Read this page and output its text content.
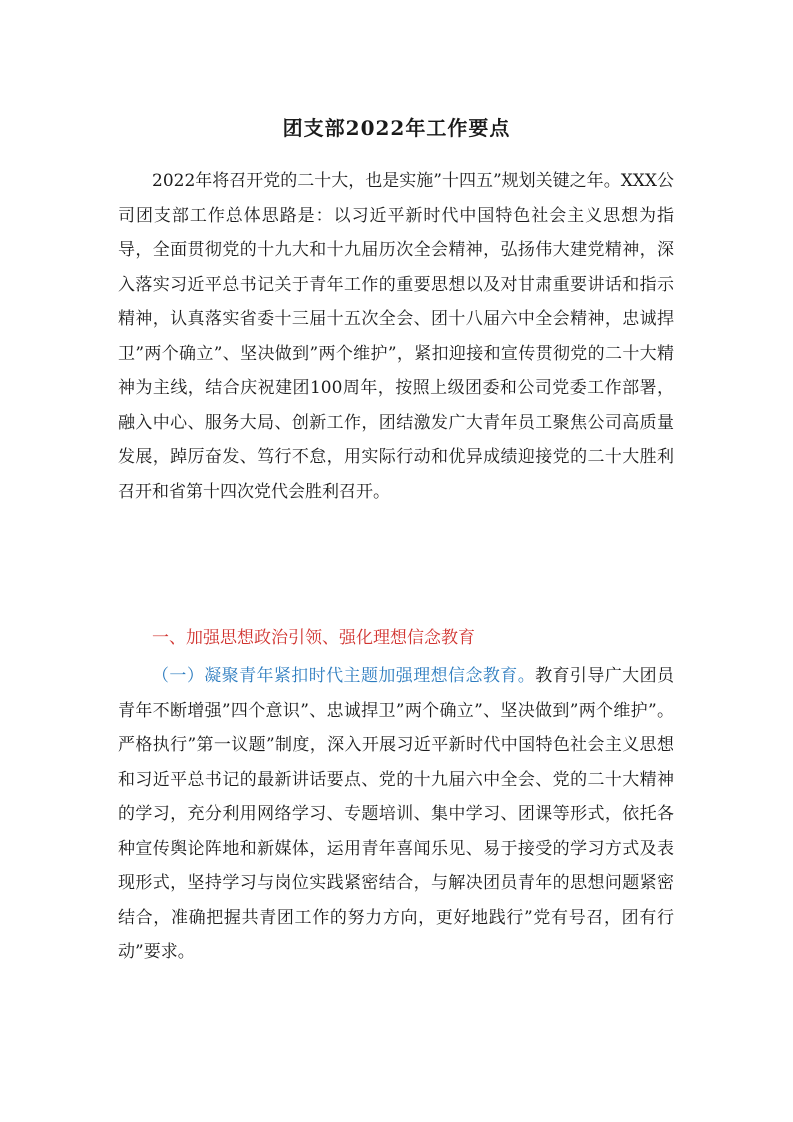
团支部2022年工作要点

2022年将召开党的二十大，也是实施”十四五”规划关键之年。XXX公司团支部工作总体思路是：以习近平新时代中国特色社会主义思想为指导，全面贯彻党的十九大和十九届历次全会精神，弘扬伟大建党精神，深入落实习近平总书记关于青年工作的重要思想以及对甘肃重要讲话和指示精神，认真落实省委十三届十五次全会、团十八届六中全会精神，忠诚捍卫”两个确立”、坚决做到”两个维护”，紧扣迎接和宣传贯彻党的二十大精神为主线，结合庆祝建团100周年，按照上级团委和公司党委工作部署，融入中心、服务大局、创新工作，团结激发广大青年员工聚焦公司高质量发展，踔厉奋发、笃行不怠，用实际行动和优异成绩迎接党的二十大胜利召开和省第十四次党代会胜利召开。

一、加强思想政治引领、强化理想信念教育

（一）凝聚青年紧扣时代主题加强理想信念教育。教育引导广大团员青年不断增强”四个意识”、忠诚捍卫”两个确立”、坚决做到”两个维护”。严格执行”第一议题”制度，深入开展习近平新时代中国特色社会主义思想和习近平总书记的最新讲话要点、党的十九届六中全会、党的二十大精神的学习，充分利用网络学习、专题培训、集中学习、团课等形式，依托各种宣传舆论阵地和新媒体，运用青年喜闻乐见、易于接受的学习方式及表现形式，坚持学习与岗位实践紧密结合，与解决团员青年的思想问题紧密结合，准确把握共青团工作的努力方向，更好地践行”党有号召，团有行动”要求。
